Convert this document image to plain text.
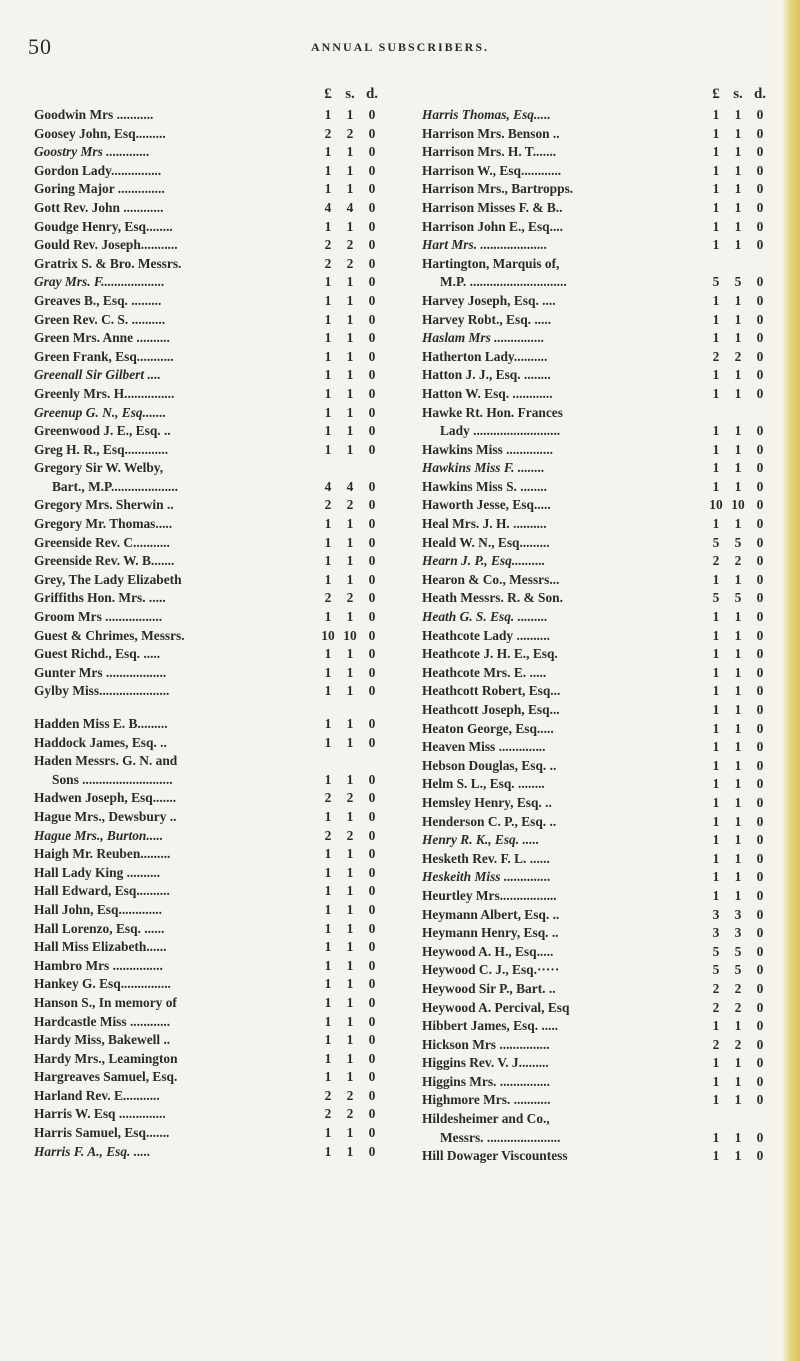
50	ANNUAL SUBSCRIBERS.
£ s. d.
Goodwin Mrs ...........	1	1	0
Goosey John, Esq.........	2	2	0
Goostry Mrs .............	1	1	0
Gordon Lady...............	1	1	0
Goring Major ..............	1	1	0
Gott Rev. John ............	4	4	0
Goudge Henry, Esq........	1	1	0
Gould Rev. Joseph...........	2	2	0
Gratrix S. & Bro. Messrs.	2	2	0
Gray Mrs. F...................	1	1	0
Greaves B., Esq. .........	1	1	0
Green Rev. C. S. ..........	1	1	0
Green Mrs. Anne ..........	1	1	0
Green Frank, Esq...........	1	1	0
Greenall Sir Gilbert ....	1	1	0
Greenly Mrs. H...............	1	1	0
Greenup G. N., Esq.......	1	1	0
Greenwood J. E., Esq. ..	1	1	0
Greg H. R., Esq.............	1	1	0
Gregory Sir W. Welby,
Bart., M.P....................	4	4	0
Gregory Mrs. Sherwin ..	2	2	0
Gregory Mr. Thomas.....	1	1	0
Greenside Rev. C...........	1	1	0
Greenside Rev. W. B.......	1	1	0
Grey, The Lady Elizabeth	1	1	0
Griffiths Hon. Mrs. .....	2	2	0
Groom Mrs .................	1	1	0
Guest & Chrimes, Messrs.	10 10 0
Guest Richd., Esq. .....	1	1	0
Gunter Mrs ..................	1	1	0
Gylby Miss.....................	1	1	0
Hadden Miss E. B.........	1	1	0
Haddock James, Esq. ..	1	1	0
Haden Messrs. G. N. and
Sons ...........................	1	1	0
Hadwen Joseph, Esq.......	2	2	0
Hague Mrs., Dewsbury ..	1	1	0
Hague Mrs., Burton.....	2	2	0
Haigh Mr. Reuben.........	1	1	0
Hall Lady King ..........	1	1	0
Hall Edward, Esq..........	1	1	0
Hall John, Esq.............	1	1	0
Hall Lorenzo, Esq. ......	1	1	0
Hall Miss Elizabeth......	1	1	0
Hambro Mrs ...............	1	1	0
Hankey G. Esq...............	1	1	0
Hanson S., In memory of	1	1	0
Hardcastle Miss ............	1	1	0
Hardy Miss, Bakewell ..	1	1	0
Hardy Mrs., Leamington	1	1	0
Hargreaves Samuel, Esq.	1	1	0
Harland Rev. E...........	2	2	0
Harris W. Esq ..............	2	2	0
Harris Samuel, Esq.......	1	1	0
Harris F. A., Esq. .....	1	1	0
£ s. d.
Harris Thomas, Esq.....	1	1	0
Harrison Mrs. Benson ..	1	1	0
Harrison Mrs. H. T.......	1	1	0
Harrison W., Esq............	1	1	0
Harrison Mrs., Bartropps.	1	1	0
Harrison Misses F. & B..	1	1	0
Harrison John E., Esq....	1	1	0
Hart Mrs. ....................	1	1	0
Hartington, Marquis of,
M.P. .............................	5	5	0
Harvey Joseph, Esq. ....	1	1	0
Harvey Robt., Esq. .....	1	1	0
Haslam Mrs ...............	1	1	0
Hatherton Lady..........	2	2	0
Hatton J. J., Esq. ........	1	1	0
Hatton W. Esq. ............	1	1	0
Hawke Rt. Hon. Frances
Lady ..........................	1	1	0
Hawkins Miss ..............	1	1	0
Hawkins Miss F. ........	1	1	0
Hawkins Miss S. ........	1	1	0
Haworth Jesse, Esq.....	10 10 0
Heal Mrs. J. H. ..........	1	1	0
Heald W. N., Esq.........	5	5	0
Hearn J. P., Esq..........	2	2	0
Hearon & Co., Messrs...	1	1	0
Heath Messrs. R. & Son.	5	5	0
Heath G. S. Esq. .........	1	1	0
Heathcote Lady ..........	1	1	0
Heathcote J. H. E., Esq.	1	1	0
Heathcote Mrs. E. .....	1	1	0
Heathcott Robert, Esq...	1	1	0
Heathcott Joseph, Esq...	1	1	0
Heaton George, Esq.....	1	1	0
Heaven Miss ..............	1	1	0
Hebson Douglas, Esq. ..	1	1	0
Helm S. L., Esq. ........	1	1	0
Hemsley Henry, Esq. ..	1	1	0
Henderson C. P., Esq. ..	1	1	0
Henry R. K., Esq. .....	1	1	0
Hesketh Rev. F. L. ......	1	1	0
Heskeith Miss ..............	1	1	0
Heurtley Mrs.................	1	1	0
Heymann Albert, Esq. ..	3	3	0
Heymann Henry, Esq. ..	3	3	0
Heywood A. H., Esq.....	5	5	0
Heywood C. J., Esq.·····	5	5	0
Heywood Sir P., Bart. ..	2	2	0
Heywood A. Percival, Esq	2	2	0
Hibbert James, Esq. .....	1	1	0
Hickson Mrs ...............	2	2	0
Higgins Rev. V. J.........	1	1	0
Higgins Mrs. ...............	1	1	0
Highmore Mrs. ...........	1	1	0
Hildesheimer and Co.,
Messrs. ......................	1	1	0
Hill Dowager Viscountess	1	1	0
